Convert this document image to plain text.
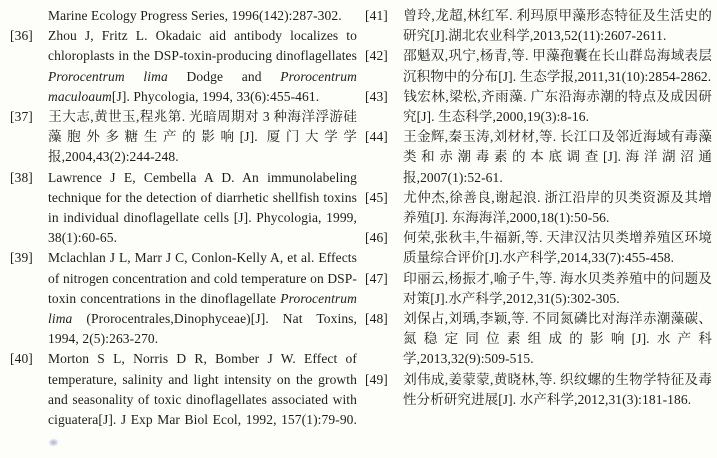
Marine Ecology Progress Series, 1996(142):287-302.

[36] Zhou J, Fritz L. Okadaic aid antibody localizes to chloroplasts in the DSP-toxin-producing dinoflagellates Prorocentrum lima Dodge and Prorocentrum maculoaum[J]. Phycologia, 1994, 33(6):455-461.

[37] 王大志,黄世玉,程兆第. 光暗周期对 3 种海洋浮游硅藻胞外多糖生产的影响[J]. 厦门大学学报,2004,43(2):244-248.

[38] Lawrence J E, Cembella A D. An immunolabeling technique for the detection of diarrhetic shellfish toxins in individual dinoflagellate cells [J]. Phycologia, 1999, 38(1):60-65.

[39] Mclachlan J L, Marr J C, Conlon-Kelly A, et al. Effects of nitrogen concentration and cold temperature on DSP-toxin concentrations in the dinoflagellate Prorocentrum lima (Prorocentrales,Dinophyceae)[J]. Nat Toxins, 1994, 2(5):263-270.

[40] Morton S L, Norris D R, Bomber J W. Effect of temperature, salinity and light intensity on the growth and seasonality of toxic dinoflagellates associated with ciguatera[J]. J Exp Mar Biol Ecol, 1992, 157(1):79-90.

[41] 曾玲,龙超,林红军. 利玛原甲藻形态特征及生活史的研究[J].湖北农业科学,2013,52(11):2607-2611.

[42] 邵魁双,巩宁,杨青,等. 甲藻孢囊在长山群岛海域表层沉积物中的分布[J]. 生态学报,2011,31(10):2854-2862.

[43] 钱宏林,梁松,齐雨藻. 广东沿海赤潮的特点及成因研究[J]. 生态科学,2000,19(3):8-16.

[44] 王金辉,秦玉涛,刘材材,等. 长江口及邻近海域有毒藻类和赤潮毒素的本底调查[J].海洋湖沼通报,2007(1):52-61.

[45] 尤仲杰,徐善良,谢起浪. 浙江沿岸的贝类资源及其增养殖[J]. 东海海洋,2000,18(1):50-56.

[46] 何荣,张秋丰,牛福新,等. 天津汉沽贝类增养殖区环境质量综合评价[J].水产科学,2014,33(7):455-458.

[47] 印丽云,杨振才,喻子牛,等. 海水贝类养殖中的问题及对策[J].水产科学,2012,31(5):302-305.

[48] 刘保占,刘瑀,李颖,等. 不同氮磷比对海洋赤潮藻碳、氮稳定同位素组成的影响[J].水产科学,2013,32(9):509-515.

[49] 刘伟成,姜蒙蒙,黄晓林,等. 织纹螺的生物学特征及毒性分析研究进展[J]. 水产科学,2012,31(3):181-186.
